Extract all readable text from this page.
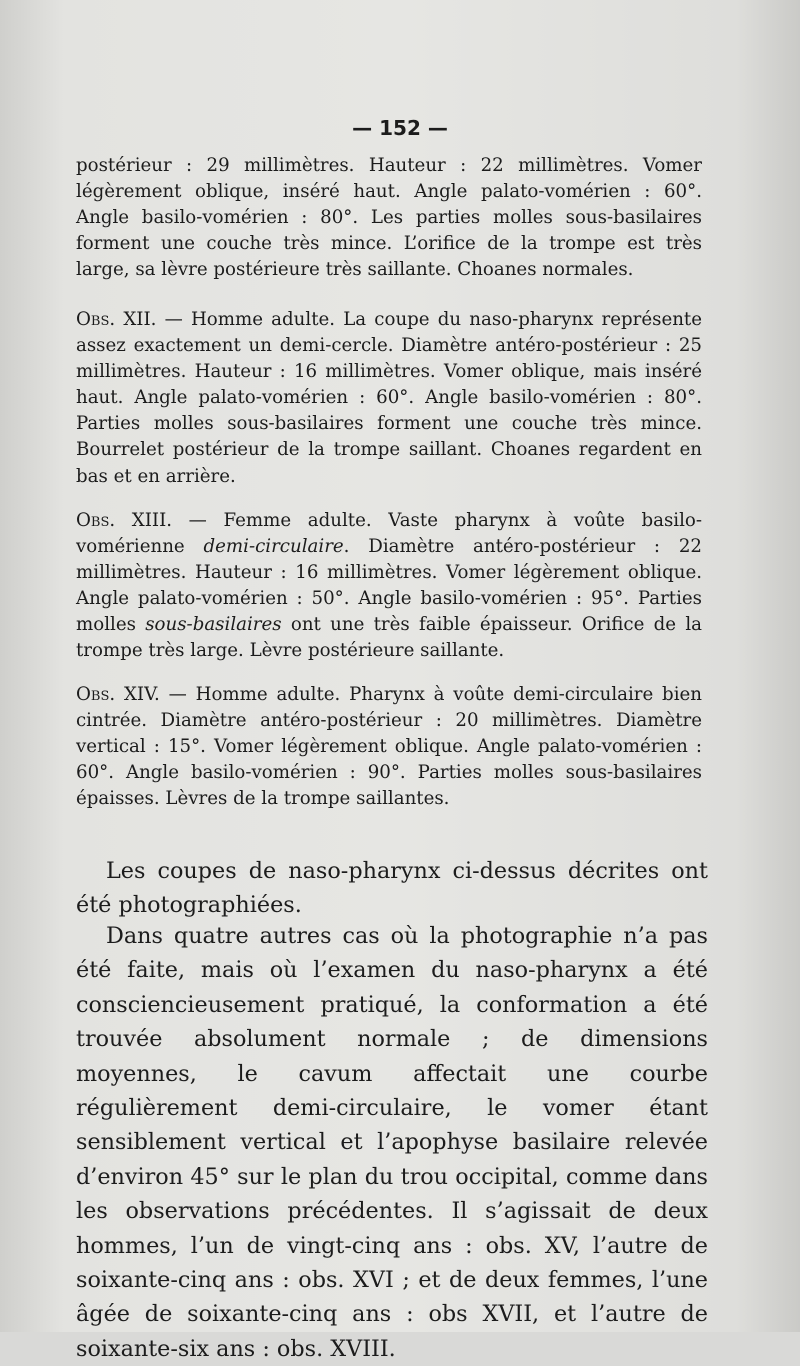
— 152 —

postérieur : 29 millimètres. Hauteur : 22 millimètres. Vomer légèrement oblique, inséré haut. Angle palato-vomérien : 60°. Angle basilo-vomérien : 80°. Les parties molles sous-basilaires forment une couche très mince. L’orifice de la trompe est très large, sa lèvre postérieure très saillante. Choanes normales.

Obs. XII. — Homme adulte. La coupe du naso-pharynx représente assez exactement un demi-cercle. Diamètre antéro-postérieur : 25 millimètres. Hauteur : 16 millimètres. Vomer oblique, mais inséré haut. Angle palato-vomérien : 60°. Angle basilo-vomérien : 80°. Parties molles sous-basilaires forment une couche très mince. Bourrelet postérieur de la trompe saillant. Choanes regardent en bas et en arrière.

Obs. XIII. — Femme adulte. Vaste pharynx à voûte basilo-vomérienne demi-circulaire. Diamètre antéro-postérieur : 22 millimètres. Hauteur : 16 millimètres. Vomer légèrement oblique. Angle palato-vomérien : 50°. Angle basilo-vomérien : 95°. Parties molles sous-basilaires ont une très faible épaisseur. Orifice de la trompe très large. Lèvre postérieure saillante.

Obs. XIV. — Homme adulte. Pharynx à voûte demi-circulaire bien cintrée. Diamètre antéro-postérieur : 20 millimètres. Diamètre vertical : 15°. Vomer légèrement oblique. Angle palato-vomérien : 60°. Angle basilo-vomérien : 90°. Parties molles sous-basilaires épaisses. Lèvres de la trompe saillantes.

Les coupes de naso-pharynx ci-dessus décrites ont été photographiées.

Dans quatre autres cas où la photographie n’a pas été faite, mais où l’examen du naso-pharynx a été consciencieusement pratiqué, la conformation a été trouvée absolument normale ; de dimensions moyennes, le cavum affectait une courbe régulièrement demi-circulaire, le vomer étant sensiblement vertical et l’apophyse basilaire relevée d’environ 45° sur le plan du trou occipital, comme dans les observations précédentes. Il s’agissait de deux hommes, l’un de vingt-cinq ans : obs. XV, l’autre de soixante-cinq ans : obs. XVI ; et de deux femmes, l’une âgée de soixante-cinq ans : obs XVII, et l’autre de soixante-six ans : obs. XVIII.
